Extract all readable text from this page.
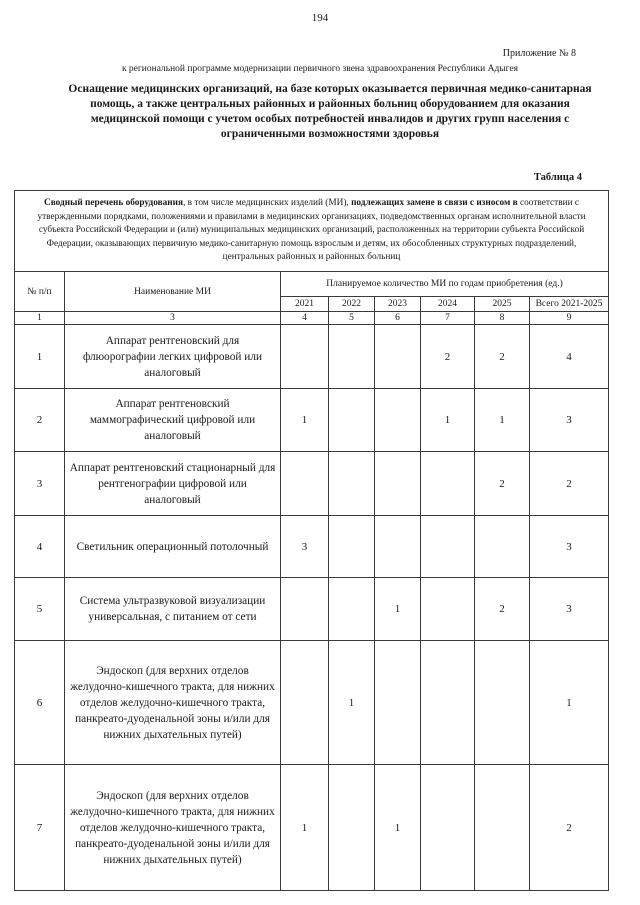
194
Приложение № 8
к региональной программе модернизации первичного звена здравоохранения Республики Адыгея
Оснащение медицинских организаций, на базе которых оказывается первичная медико-санитарная помощь, а также центральных районных и районных больниц оборудованием для оказания медицинской помощи с учетом особых потребностей инвалидов и других групп населения с ограниченными возможностями здоровья
Таблица 4
Сводный перечень оборудования, в том числе медицинских изделий (МИ), подлежащих замене в связи с износом в соответствии с утвержденными порядками, положениями и правилами в медицинских организациях, подведомственных органам исполнительной власти субъекта Российской Федерации и (или) муниципальных медицинских организаций, расположенных на территории субъекта Российской Федерации, оказывающих первичную медико-санитарную помощь взрослым и детям, их обособленных структурных подразделений, центральных районных и районных больниц							
№ п/п	Наименование МИ	Планируемое количество МИ по годам приобретения (ед.)					
		2021	2022	2023	2024	2025	Всего 2021-2025
1	3	4	5	6	7	8	9
1	Аппарат рентгеновский для флюорографии легких цифровой или аналоговый				2	2	4
2	Аппарат рентгеновский маммографический цифровой или аналоговый	1			1	1	3
3	Аппарат рентгеновский стационарный для рентгенографии цифровой или аналоговый					2	2
4	Светильник операционный потолочный	3					3
5	Система ультразвуковой визуализации универсальная, с питанием от сети			1		2	3
6	Эндоскоп (для верхних отделов желудочно-кишечного тракта, для нижних отделов желудочно-кишечного тракта, панкреато-дуоденальной зоны и/или для нижних дыхательных путей)		1				1
7	Эндоскоп (для верхних отделов желудочно-кишечного тракта, для нижних отделов желудочно-кишечного тракта, панкреато-дуоденальной зоны и/или для нижних дыхательных путей)	1		1			2
